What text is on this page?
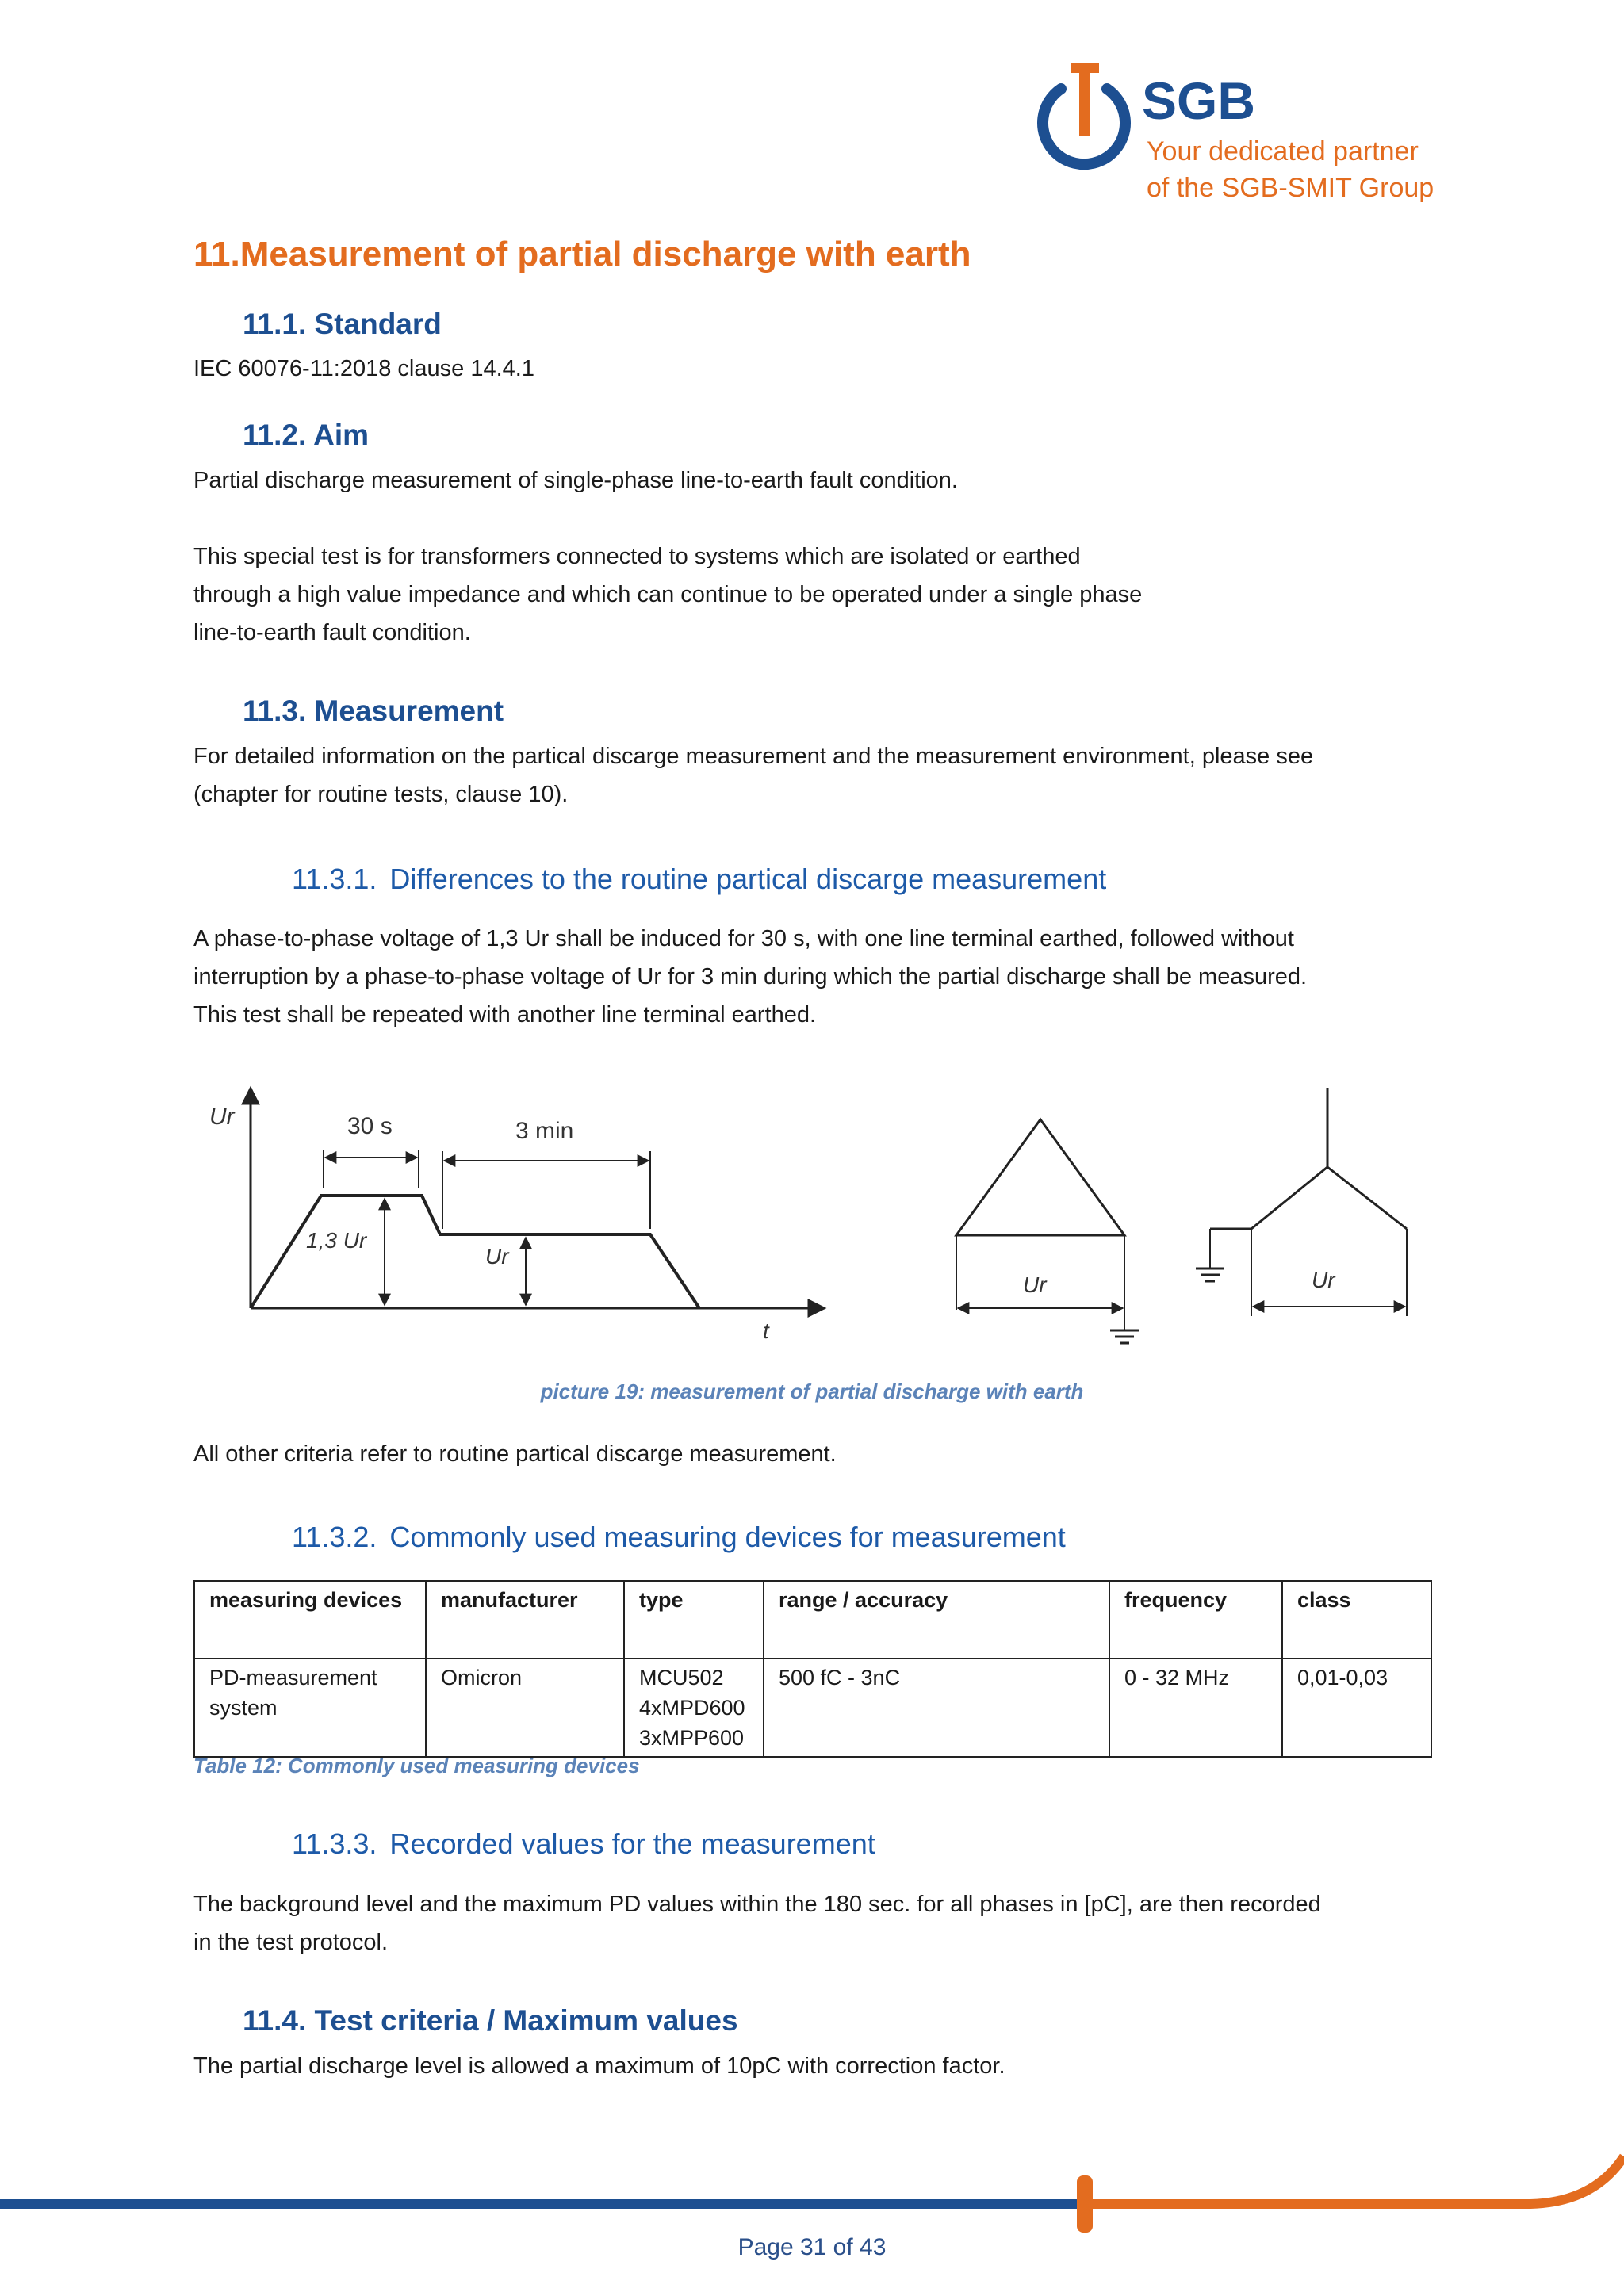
SGB
Your dedicated partner
of the SGB-SMIT Group
11.Measurement of partial discharge with earth
11.1. Standard
IEC 60076-11:2018 clause 14.4.1
11.2. Aim
Partial discharge measurement of single-phase line-to-earth fault condition.
This special test is for transformers connected to systems which are isolated or earthed
through a high value impedance and which can continue to be operated under a single phase
line-to-earth fault condition.
11.3. Measurement
For detailed information on the partical discarge measurement and the measurement environment, please see
(chapter for routine tests, clause 10).
11.3.1. Differences to the routine partical discarge measurement
A phase-to-phase voltage of 1,3 Ur shall be induced for 30 s, with one line terminal earthed, followed without
interruption by a phase-to-phase voltage of Ur for 3 min during which the partial discharge shall be measured.
This test shall be repeated with another line terminal earthed.
Ur
t
30 s	3 min
1,3 Ur
Ur
Ur	Ur
picture 19: measurement of partial discharge with earth
All other criteria refer to routine partical discarge measurement.
11.3.2. Commonly used measuring devices for measurement
measuring devices	manufacturer	type	range / accuracy	frequency	class
PD-measurement
system	Omicron	MCU502
4xMPD600
3xMPP600	500 fC - 3nC	0 - 32 MHz	0,01-0,03
Table 12: Commonly used measuring devices
11.3.3. Recorded values for the measurement
The background level and the maximum PD values within the 180 sec. for all phases in [pC], are then recorded
in the test protocol.
11.4. Test criteria / Maximum values
The partial discharge level is allowed a maximum of 10pC with correction factor.
Page 31 of 43
